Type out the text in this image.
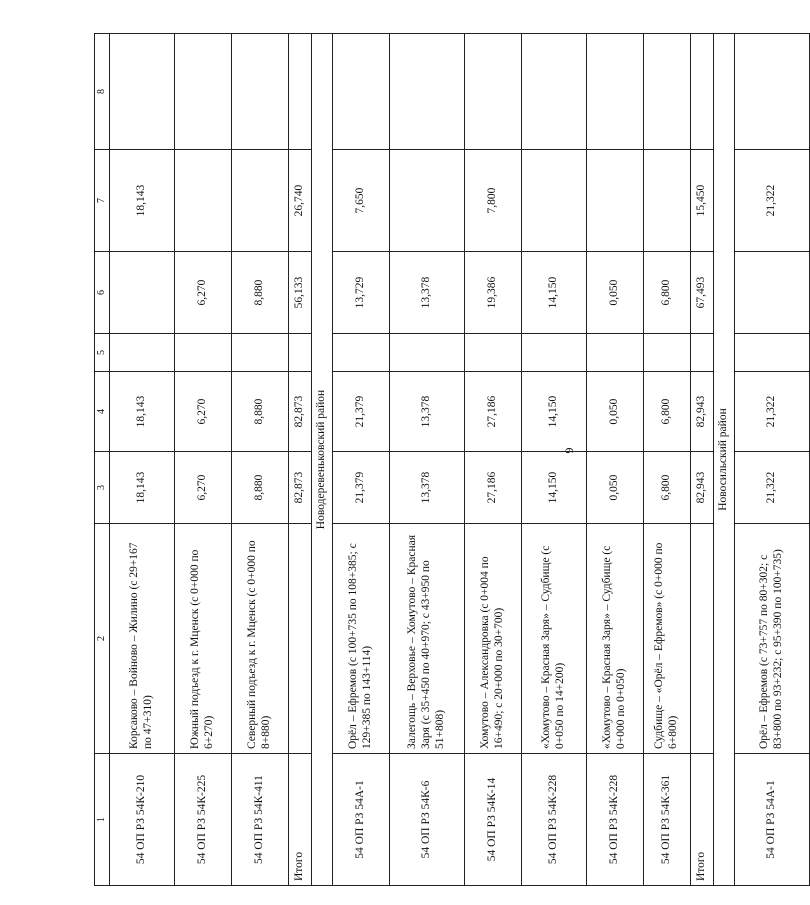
6
1	2	3	4	5	6	7	8
54 ОП РЗ 54К-210	Корсаково – Войново – Жилино (с 29+167 по 47+310)	18,143	18,143			18,143	
54 ОП РЗ 54К-225	Южный подъезд к г. Мценск (с 0+000 по 6+270)	6,270	6,270		6,270		
54 ОП РЗ 54К-411	Северный подъезд к г. Мценск (с 0+000 по 8+880)	8,880	8,880		8,880		
Итого		82,873	82,873		56,133	26,740	
Новодеревеньковский район							
54 ОП РЗ 54А-1	Орёл – Ефремов (с 100+735 по 108+385; с 129+385 по 143+114)	21,379	21,379		13,729	7,650	
54 ОП РЗ 54К-6	Залегощь – Верховье – Хомутово – Красная Заря (с 35+450 по 40+970; с 43+950 по 51+808)	13,378	13,378		13,378		
54 ОП РЗ 54К-14	Хомутово – Александровка (с 0+004 по 16+490; с 20+000 по 30+700)	27,186	27,186		19,386	7,800	
54 ОП РЗ 54К-228	«Хомутово – Красная Заря» – Судбище (с 0+050 по 14+200)	14,150	14,150		14,150		
54 ОП РЗ 54К-228	«Хомутово – Красная Заря» – Судбище (с 0+000 по 0+050)	0,050	0,050		0,050		
54 ОП РЗ 54К-361	Судбище – «Орёл – Ефремов» (с 0+000 по 6+800)	6,800	6,800		6,800		
Итого		82,943	82,943		67,493	15,450	
Новосильский район							
54 ОП РЗ 54А-1	Орёл – Ефремов (с 73+757 по 80+302; с 83+800 по 93+232; с 95+390 по 100+735)	21,322	21,322			21,322	
